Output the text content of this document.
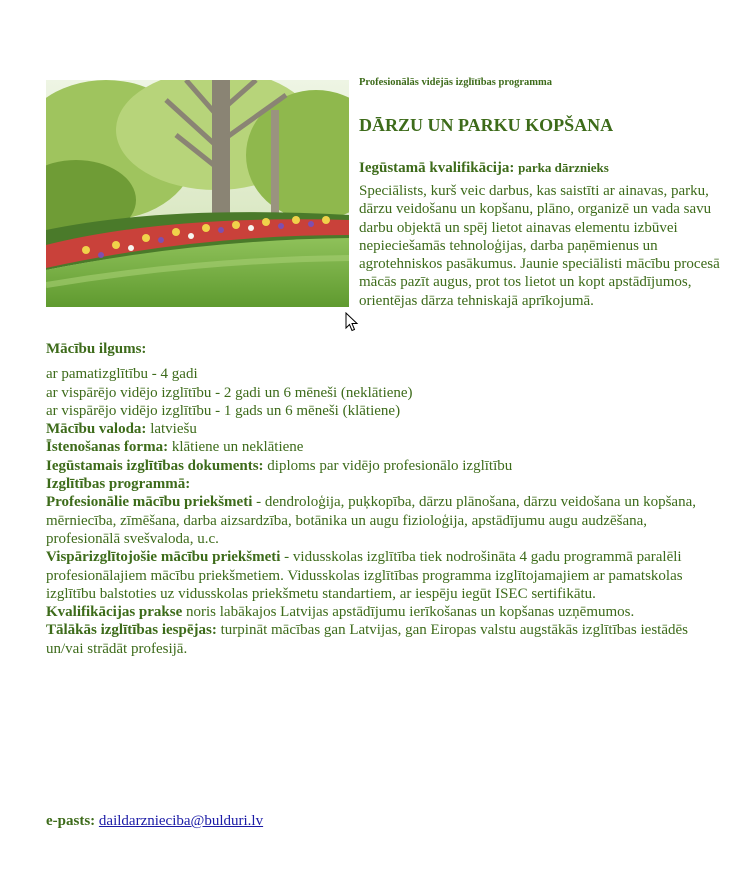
Profesionālās vidējās izglītības programma

DĀRZU UN PARKU KOPŠANA

Iegūstamā kvalifikācija: parka dārznieks

Speciālists, kurš veic darbus, kas saistīti ar ainavas, parku, dārzu veidošanu un kopšanu, plāno, organizē un vada savu darbu objektā un spēj lietot ainavas elementu izbūvei nepieciešamās tehnoloģijas, darba paņēmienus un agrotehniskos pasākumus. Jaunie speciālisti mācību procesā mācās pazīt augus, prot tos lietot un kopt apstādījumos, orientējas dārza tehniskajā aprīkojumā.

Mācību ilgums:

ar pamatizglītību - 4 gadi

ar vispārējo vidējo izglītību - 2 gadi un 6 mēneši (neklātiene)

ar vispārējo vidējo izglītību - 1 gads un 6 mēneši (klātiene)

Mācību valoda: latviešu

Īstenošanas forma: klātiene un neklātiene

Iegūstamais izglītības dokuments: diploms par vidējo profesionālo izglītību

Izglītības programmā:

Profesionālie mācību priekšmeti - dendroloģija, puķkopība, dārzu plānošana, dārzu veidošana un kopšana, mērniecība, zīmēšana, darba aizsardzība, botānika un augu fizioloģija, apstādījumu augu audzēšana, profesionālā svešvaloda, u.c.

Vispārizglītojošie mācību priekšmeti - vidusskolas izglītība tiek nodrošināta 4 gadu programmā paralēli profesionālajiem mācību priekšmetiem. Vidusskolas izglītības programma izglītojamajiem ar pamatskolas izglītību balstoties uz vidusskolas priekšmetu standartiem, ar iespēju iegūt ISEC sertifikātu.

Kvalifikācijas prakse noris labākajos Latvijas apstādījumu ierīkošanas un kopšanas uzņēmumos.

Tālākās izglītības iespējas: turpināt mācības gan Latvijas, gan Eiropas valstu augstākās izglītības iestādēs un/vai strādāt profesijā.

e-pasts: daildarznieciba@bulduri.lv
